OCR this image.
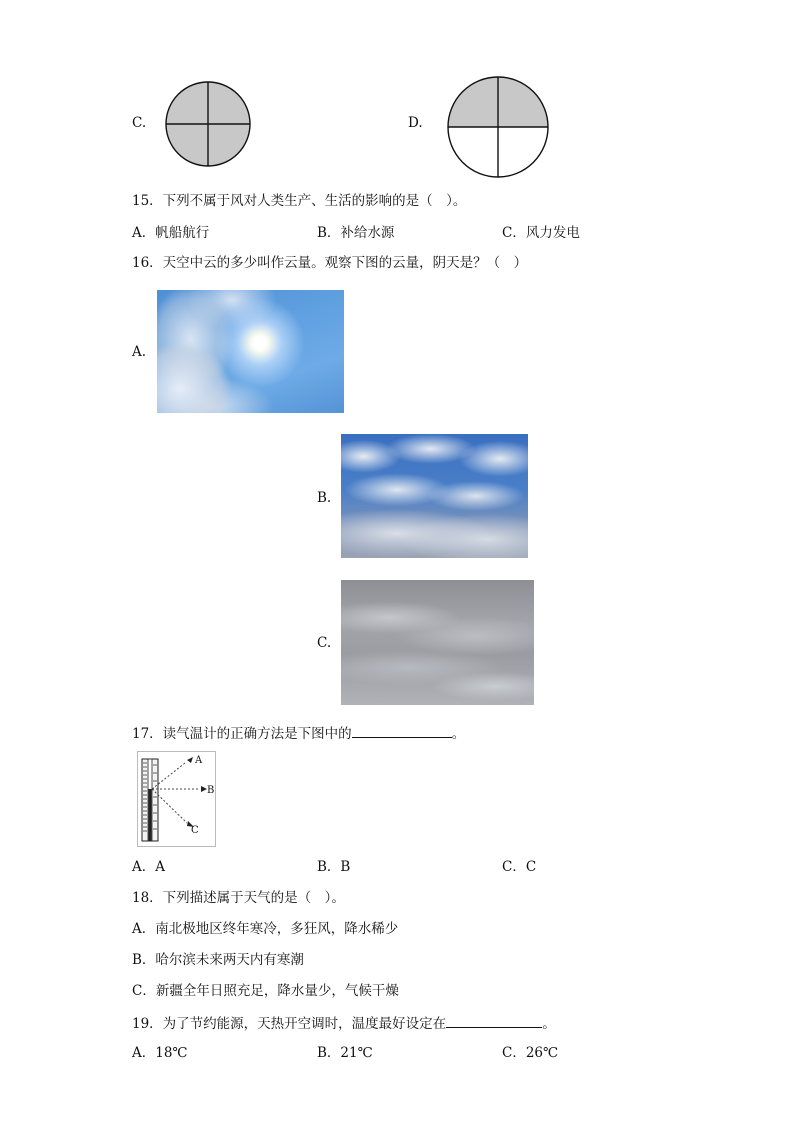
C.	D.
15．下列不属于风对人类生产、生活的影响的是（　）。
A．帆船航行	B．补给水源	C．风力发电
16．天空中云的多少叫作云量。观察下图的云量，阴天是？（　）
A.
B.
C.
17．读气温计的正确方法是下图中的	。
A
B
C
A．A	B．B	C．C
18．下列描述属于天气的是（　）。
A．南北极地区终年寒冷，多狂风，降水稀少
B．哈尔滨未来两天内有寒潮
C．新疆全年日照充足，降水量少，气候干燥
19．为了节约能源，天热开空调时，温度最好设定在	。
A．18℃	B．21℃	C．26℃
